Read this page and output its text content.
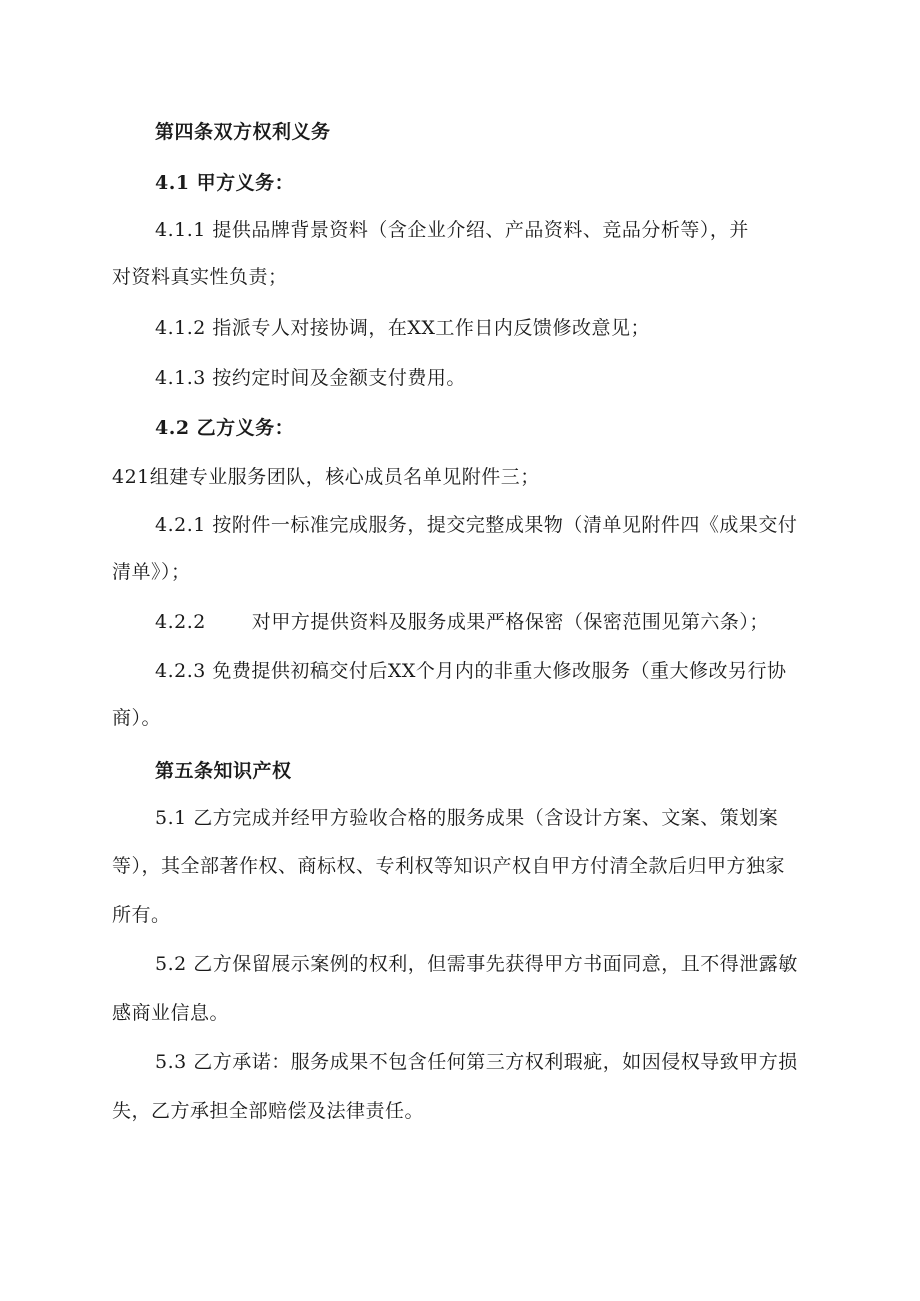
第四条双方权利义务
4.1 甲方义务：
4.1.1 提供品牌背景资料（含企业介绍、产品资料、竞品分析等），并
对资料真实性负责；
4.1.2 指派专人对接协调，在XX工作日内反馈修改意见；
4.1.3 按约定时间及金额支付费用。
4.2 乙方义务：
421组建专业服务团队，核心成员名单见附件三；
4.2.1 按附件一标准完成服务，提交完整成果物（清单见附件四《成果交付
清单》）；
4.2.2 对甲方提供资料及服务成果严格保密（保密范围见第六条）；
4.2.3 免费提供初稿交付后XX个月内的非重大修改服务（重大修改另行协
商）。
第五条知识产权
5.1 乙方完成并经甲方验收合格的服务成果（含设计方案、文案、策划案
等），其全部著作权、商标权、专利权等知识产权自甲方付清全款后归甲方独家
所有。
5.2 乙方保留展示案例的权利，但需事先获得甲方书面同意，且不得泄露敏
感商业信息。
5.3 乙方承诺：服务成果不包含任何第三方权利瑕疵，如因侵权导致甲方损
失，乙方承担全部赔偿及法律责任。
